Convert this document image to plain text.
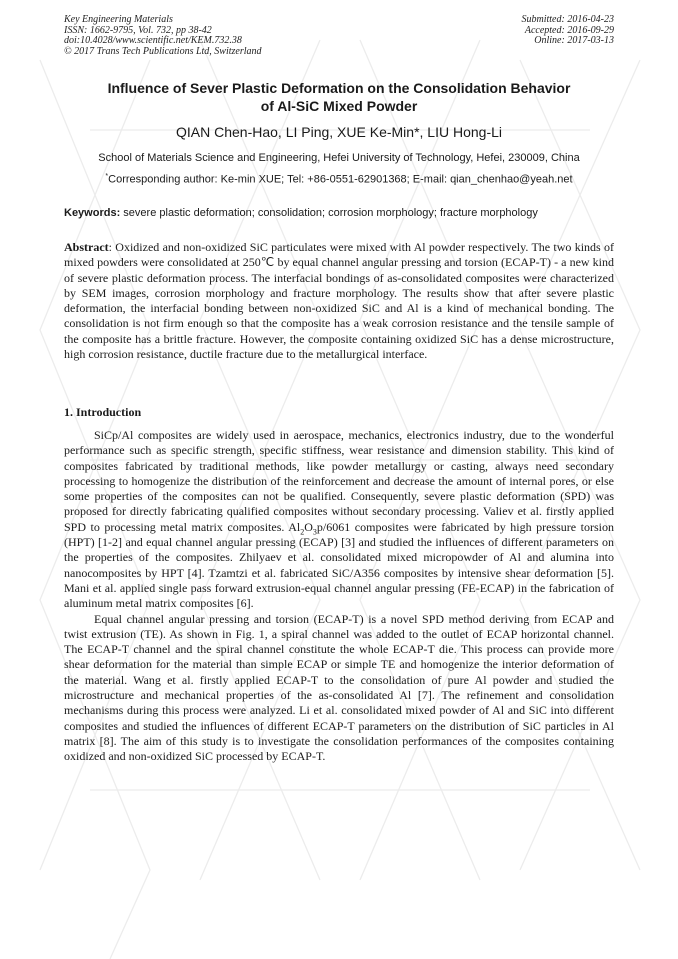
Key Engineering Materials
ISSN: 1662-9795, Vol. 732, pp 38-42
doi:10.4028/www.scientific.net/KEM.732.38
© 2017 Trans Tech Publications Ltd, Switzerland
Submitted: 2016-04-23
Accepted: 2016-09-29
Online: 2017-03-13
Influence of Sever Plastic Deformation on the Consolidation Behavior
of Al-SiC Mixed Powder
QIAN Chen-Hao, LI Ping, XUE Ke-Min*, LIU Hong-Li
School of Materials Science and Engineering, Hefei University of Technology, Hefei, 230009, China
*Corresponding author: Ke-min XUE; Tel: +86-0551-62901368; E-mail: qian_chenhao@yeah.net
Keywords: severe plastic deformation; consolidation; corrosion morphology; fracture morphology
Abstract: Oxidized and non-oxidized SiC particulates were mixed with Al powder respectively. The two kinds of mixed powders were consolidated at 250℃ by equal channel angular pressing and torsion (ECAP-T) - a new kind of severe plastic deformation process. The interfacial bondings of as-consolidated composites were characterized by SEM images, corrosion morphology and fracture morphology. The results show that after severe plastic deformation, the interfacial bonding between non-oxidized SiC and Al is a kind of mechanical bonding. The consolidation is not firm enough so that the composite has a weak corrosion resistance and the tensile sample of the composite has a brittle fracture. However, the composite containing oxidized SiC has a dense microstructure, high corrosion resistance, ductile fracture due to the metallurgical interface.
1. Introduction

SiCp/Al composites are widely used in aerospace, mechanics, electronics industry, due to the wonderful performance such as specific strength, specific stiffness, wear resistance and dimension stability. This kind of composites fabricated by traditional methods, like powder metallurgy or casting, always need secondary processing to homogenize the distribution of the reinforcement and decrease the amount of internal pores, or else some properties of the composites can not be qualified. Consequently, severe plastic deformation (SPD) was proposed for directly fabricating qualified composites without secondary processing. Valiev et al. firstly applied SPD to processing metal matrix composites. $Al_2O_3p/6061$ composites were fabricated by high pressure torsion (HPT) [1-2] and equal channel angular pressing (ECAP) [3] and studied the influences of different parameters on the properties of the composites. Zhilyaev et al. consolidated mixed micropowder of Al and alumina into nanocomposites by HPT [4]. Tzamtzi et al. fabricated SiC/A356 composites by intensive shear deformation [5]. Mani et al. applied single pass forward extrusion-equal channel angular pressing (FE-ECAP) in the fabrication of aluminum metal matrix composites [6].

Equal channel angular pressing and torsion (ECAP-T) is a novel SPD method deriving from ECAP and twist extrusion (TE). As shown in Fig. 1, a spiral channel was added to the outlet of ECAP horizontal channel. The ECAP-T channel and the spiral channel constitute the whole ECAP-T die. This process can provide more shear deformation for the material than simple ECAP or simple TE and homogenize the interior deformation of the material. Wang et al. firstly applied ECAP-T to the consolidation of pure Al powder and studied the microstructure and mechanical properties of the as-consolidated Al [7]. The refinement and consolidation mechanisms during this process were analyzed. Li et al. consolidated mixed powder of Al and SiC into different composites and studied the influences of different ECAP-T parameters on the distribution of SiC particles in Al matrix [8]. The aim of this study is to investigate the consolidation performances of the composites containing oxidized and non-oxidized SiC processed by ECAP-T.
